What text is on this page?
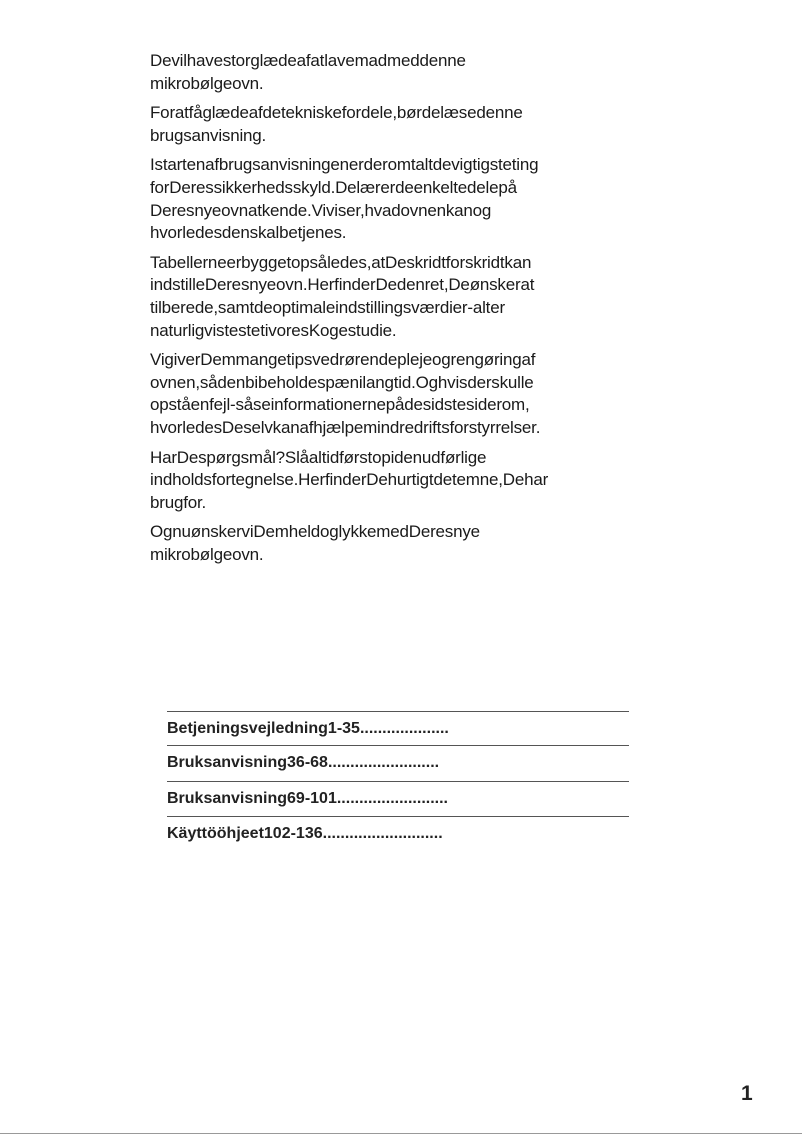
Devilhavestorglædeafatlavemadmeddenne
mikrobølgeovn.

Foratfåglædeafdetekniskefordele,børdelæsedenne
brugsanvisning.

Istartenafbrugsanvisningenerderomtaltdevigtigsteting
forDeressikkerhedsskyld.Delærerdeenkeltedelepå
Deresnyeovnatkende.Viviser,hvadovnenkanog
hvorledesdenskalbetjenes.

Tabellerneerbyggetopsåledes,atDeskridtforskridtkan
indstilleDeresnyeovn.HerfinderDedenret,Deønskerat
tilberede,samtdeoptimaleindstillingsværdier-alter
naturligvistestetivoresKogestudie.

VigiverDemmangetipsvedrørendeplejeogrengøringaf
ovnen,sådenbibeholdespænilangtid.Oghvisderskulle
opståenfejl-såseinformationernepådesidstesiderom,
hvorledesDeselvkanafhjælpemindredriftsforstyrrelser.

HarDespørgsmål?Slåaltidførstopidenudførlige
indholdsfortegnelse.HerfinderDehurtigtdetemne,Dehar
brugfor.

OgnuønskerviDemheldoglykkemedDeresnye
mikrobølgeovn.

Betjeningsvejledning1-35....................
Bruksanvisning36-68.........................
Bruksanvisning69-101.........................
Käyttööhjeet102-136...........................
1
